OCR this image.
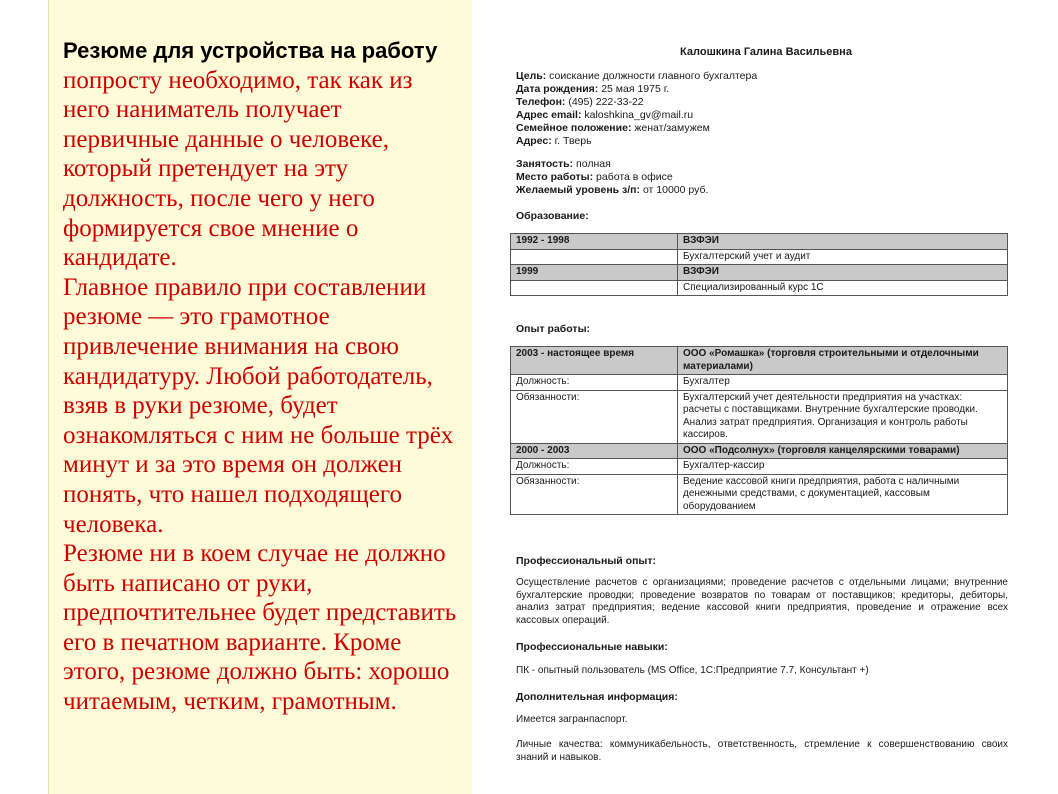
Резюме для устройства на работу попросту необходимо, так как из него наниматель получает первичные данные о человеке, который претендует на эту должность, после чего у него формируется свое мнение о кандидате.

Главное правило при составлении резюме — это грамотное привлечение внимания на свою кандидатуру. Любой работодатель, взяв в руки резюме, будет ознакомляться с ним не больше трёх минут и за это время он должен понять, что нашел подходящего человека.

Резюме ни в коем случае не должно быть написано от руки, предпочтительнее будет представить его в печатном варианте. Кроме этого, резюме должно быть: хорошо читаемым, четким, грамотным.

Калошкина Галина Васильевна
Цель: соискание должности главного бухгалтера
Дата рождения: 25 мая 1975 г.
Телефон: (495) 222-33-22
Адрес email: kaloshkina_gv@mail.ru
Семейное положение: женат/замужем
Адрес: г. Тверь
Занятость: полная
Место работы: работа в офисе
Желаемый уровень з/п: от 10000 руб.
Образование:
1992 - 1998	ВЗФЭИ
	Бухгалтерский учет и аудит
1999	ВЗФЭИ
	Специализированный курс 1С
Опыт работы:
2003 - настоящее время	ООО «Ромашка» (торговля строительными и отделочными материалами)
Должность:	Бухгалтер
Обязанности:	Бухгалтерский учет деятельности предприятия на участках: расчеты с поставщиками. Внутренние бухгалтерские проводки. Анализ затрат предприятия. Организация и контроль работы кассиров.
2000 - 2003	ООО «Подсолнух» (торговля канцелярскими товарами)
Должность:	Бухгалтер-кассир
Обязанности:	Ведение кассовой книги предприятия, работа с наличными денежными средствами, с документацией, кассовым оборудованием
Профессиональный опыт:
Осуществление расчетов с организациями; проведение расчетов с отдельными лицами; внутренние бухгалтерские проводки; проведение возвратов по товарам от поставщиков; кредиторы, дебиторы, анализ затрат предприятия; ведение кассовой книги предприятия, проведение и отражение всех кассовых операций.
Профессиональные навыки:
ПК - опытный пользователь (MS Office, 1С:Предприятие 7.7, Консультант +)
Дополнительная информация:
Имеется загранпаспорт.
Личные качества: коммуникабельность, ответственность, стремление к совершенствованию своих знаний и навыков.
